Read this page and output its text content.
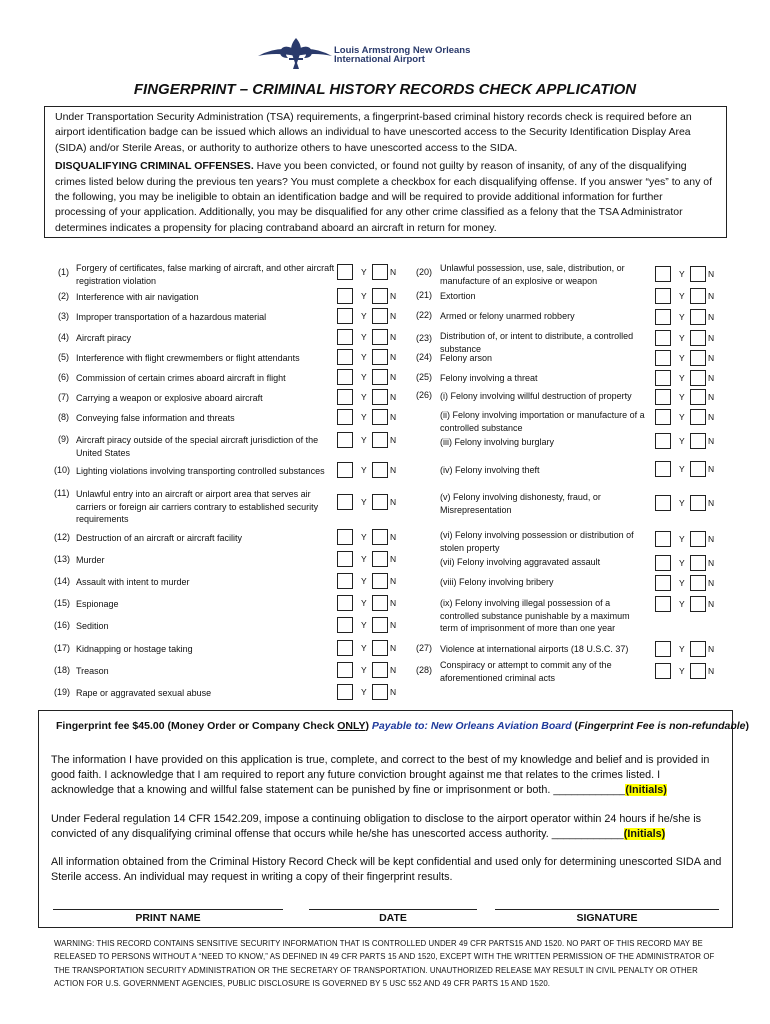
Louis Armstrong New Orleans
International Airport
FINGERPRINT – CRIMINAL HISTORY RECORDS CHECK APPLICATION

Under Transportation Security Administration (TSA) requirements, a fingerprint-based criminal history records check is required before an airport identification badge can be issued which allows an individual to have unescorted access to the Security Identification Display Area (SIDA) and/or Sterile Areas, or authority to authorize others to have unescorted access to the SIDA.

DISQUALIFYING CRIMINAL OFFENSES. Have you been convicted, or found not guilty by reason of insanity, of any of the disqualifying crimes listed below during the previous ten years? You must complete a checkbox for each disqualifying offense. If you answer “yes” to any of the following, you may be ineligible to obtain an identification badge and will be required to provide additional information for further processing of your application. Additionally, you may be disqualified for any other crime classified as a felony that the TSA Administrator determines indicates a propensity for placing contraband aboard an aircraft in return for money.

(1) Forgery of certificates, false marking of aircraft, and other aircraft registration violation
Y	N
(2) Interference with air navigation	Y	N
(3) Improper transportation of a hazardous material	Y	N
(4) Aircraft piracy	Y	N
(5) Interference with flight crewmembers or flight attendants	Y	N
(6) Commission of certain crimes aboard aircraft in flight	Y	N
(7) Carrying a weapon or explosive aboard aircraft	Y	N
(8) Conveying false information and threats	Y	N
(9) Aircraft piracy outside of the special aircraft jurisdiction of the United States
Y	N
(10) Lighting violations involving transporting controlled substances	Y	N
(11) Unlawful entry into an aircraft or airport area that serves air carriers or foreign air carriers contrary to established security requirements
Y	N
(12) Destruction of an aircraft or aircraft facility	Y	N
(13) Murder	Y	N
(14) Assault with intent to murder	Y	N
(15) Espionage	Y	N
(16) Sedition	Y	N
(17) Kidnapping or hostage taking	Y	N
(18) Treason	Y	N
(19) Rape or aggravated sexual abuse	Y	N
(20) Unlawful possession, use, sale, distribution, or manufacture of an explosive or weapon
Y	N
(21) Extortion	Y	N
(22) Armed or felony unarmed robbery	Y	N
(23) Distribution of, or intent to distribute, a controlled substance
Y	N
(24) Felony arson	Y	N
(25) Felony involving a threat	Y	N
(26) (i) Felony involving willful destruction of property	Y	N
(ii) Felony involving importation or manufacture of a controlled substance
Y	N
(iii) Felony involving burglary	Y	N
(iv) Felony involving theft	Y	N
(v) Felony involving dishonesty, fraud, or Misrepresentation
Y	N
(vi) Felony involving possession or distribution of stolen property
Y	N
(vii) Felony involving aggravated assault	Y	N
(viii) Felony involving bribery	Y	N
(ix) Felony involving illegal possession of a controlled substance punishable by a maximum term of imprisonment of more than one year
Y	N
(27) Violence at international airports (18 U.S.C. 37)	Y	N
(28) Conspiracy or attempt to commit any of the aforementioned criminal acts
Y	N
Fingerprint fee $45.00 (Money Order or Company Check ONLY) Payable to: New Orleans Aviation Board (Fingerprint Fee is non-refundable)
The information I have provided on this application is true, complete, and correct to the best of my knowledge and belief and is provided in good faith. I acknowledge that I am required to report any future conviction brought against me that relates to the crimes listed. I acknowledge that a knowing and willful false statement can be punished by fine or imprisonment or both. ____________(Initials)
Under Federal regulation 14 CFR 1542.209, impose a continuing obligation to disclose to the airport operator within 24 hours if he/she is convicted of any disqualifying criminal offense that occurs while he/she has unescorted access authority. ____________(Initials)
All information obtained from the Criminal History Record Check will be kept confidential and used only for determining unescorted SIDA and Sterile access. An individual may request in writing a copy of their fingerprint results.
PRINT NAME	DATE	SIGNATURE
WARNING: THIS RECORD CONTAINS SENSITIVE SECURITY INFORMATION THAT IS CONTROLLED UNDER 49 CFR PARTS15 AND 1520. NO PART OF THIS RECORD MAY BE RELEASED TO PERSONS WITHOUT A “NEED TO KNOW,” AS DEFINED IN 49 CFR PARTS 15 AND 1520, EXCEPT WITH THE WRITTEN PERMISSION OF THE ADMINISTRATOR OF THE TRANSPORTATION SECURITY ADMINISTRATION OR THE SECRETARY OF TRANSPORTATION. UNAUTHORIZED RELEASE MAY RESULT IN CIVIL PENALTY OR OTHER ACTION FOR U.S. GOVERNMENT AGENCIES, PUBLIC DISCLOSURE IS GOVERNED BY 5 USC 552 AND 49 CFR PARTS 15 AND 1520.
